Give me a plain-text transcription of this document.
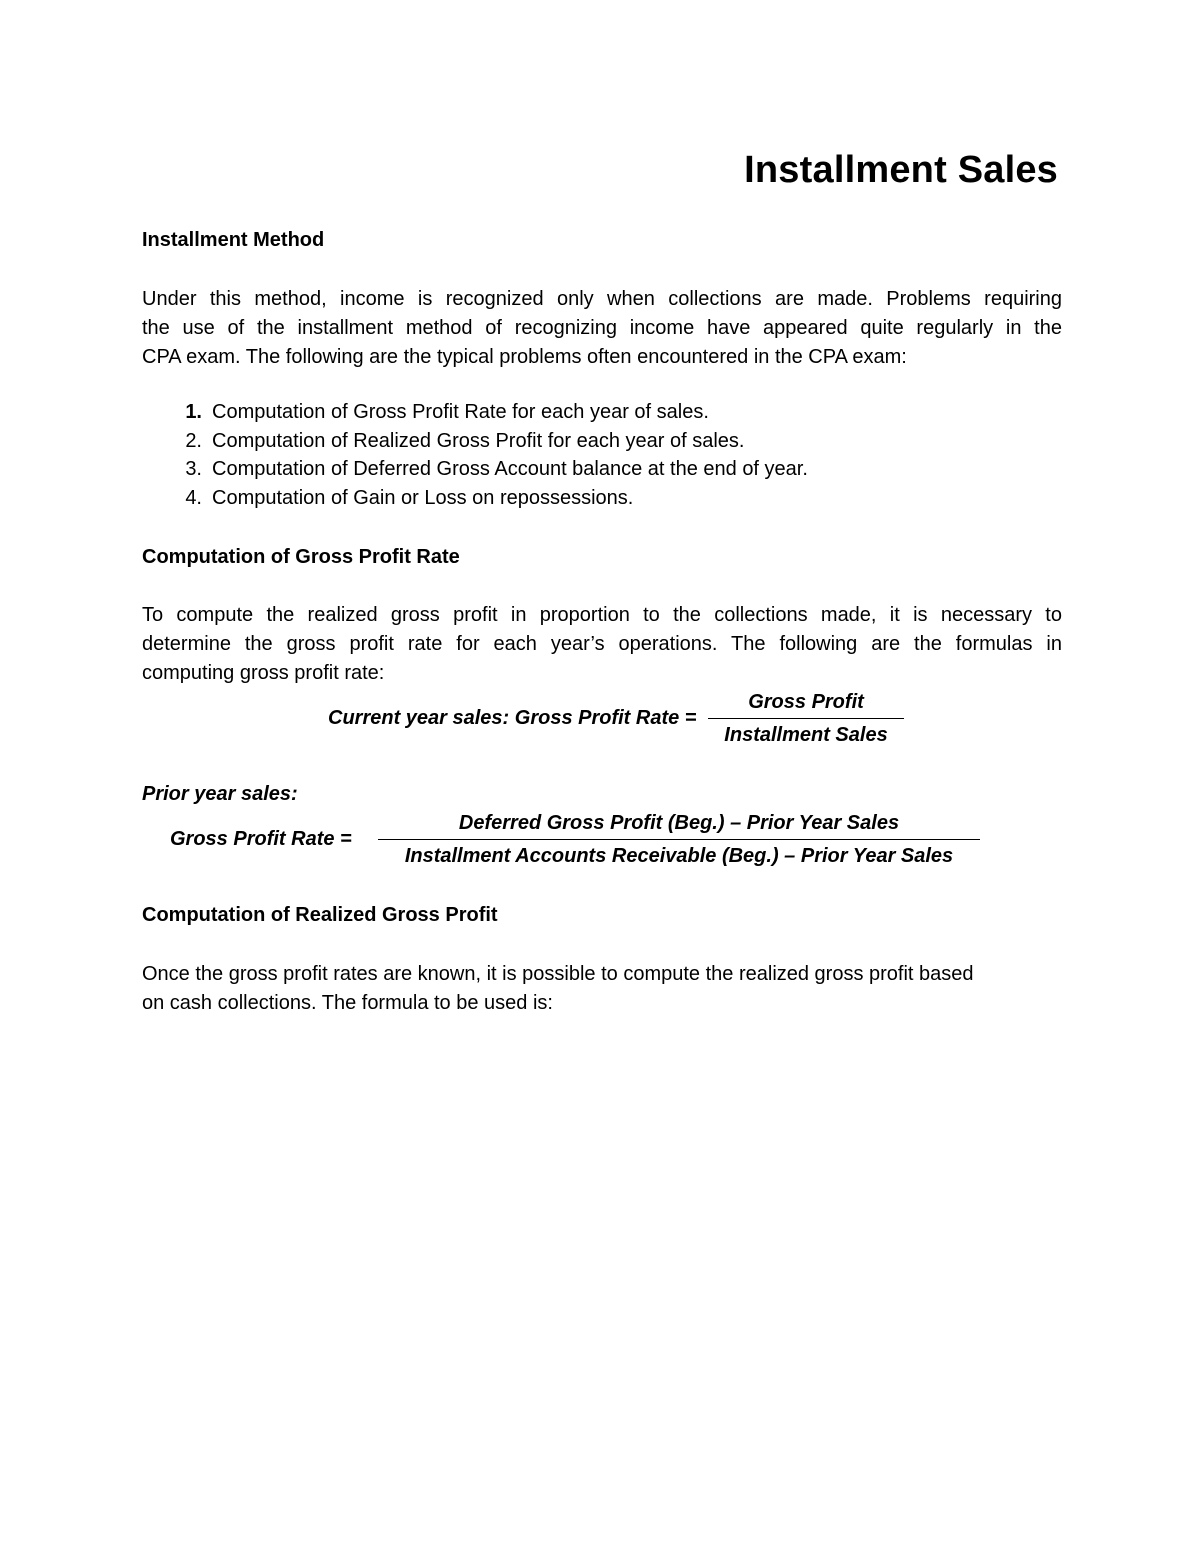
Installment Sales
Installment Method
Under this method, income is recognized only when collections are made. Problems requiring
the use of the installment method of recognizing income have appeared quite regularly in the
CPA exam. The following are the typical problems often encountered in the CPA exam:
1. Computation of Gross Profit Rate for each year of sales.
2. Computation of Realized Gross Profit for each year of sales.
3. Computation of Deferred Gross Account balance at the end of year.
4. Computation of Gain or Loss on repossessions.
Computation of Gross Profit Rate
To compute the realized gross profit in proportion to the collections made, it is necessary to
determine the gross profit rate for each year’s operations. The following are the formulas in
computing gross profit rate:
Current year sales: Gross Profit Rate =
Gross Profit
Installment Sales
Prior year sales:
Gross Profit Rate =
Deferred Gross Profit (Beg.) – Prior Year Sales
Installment Accounts Receivable (Beg.) – Prior Year Sales
Computation of Realized Gross Profit
Once the gross profit rates are known, it is possible to compute the realized gross profit based
on cash collections. The formula to be used is:
